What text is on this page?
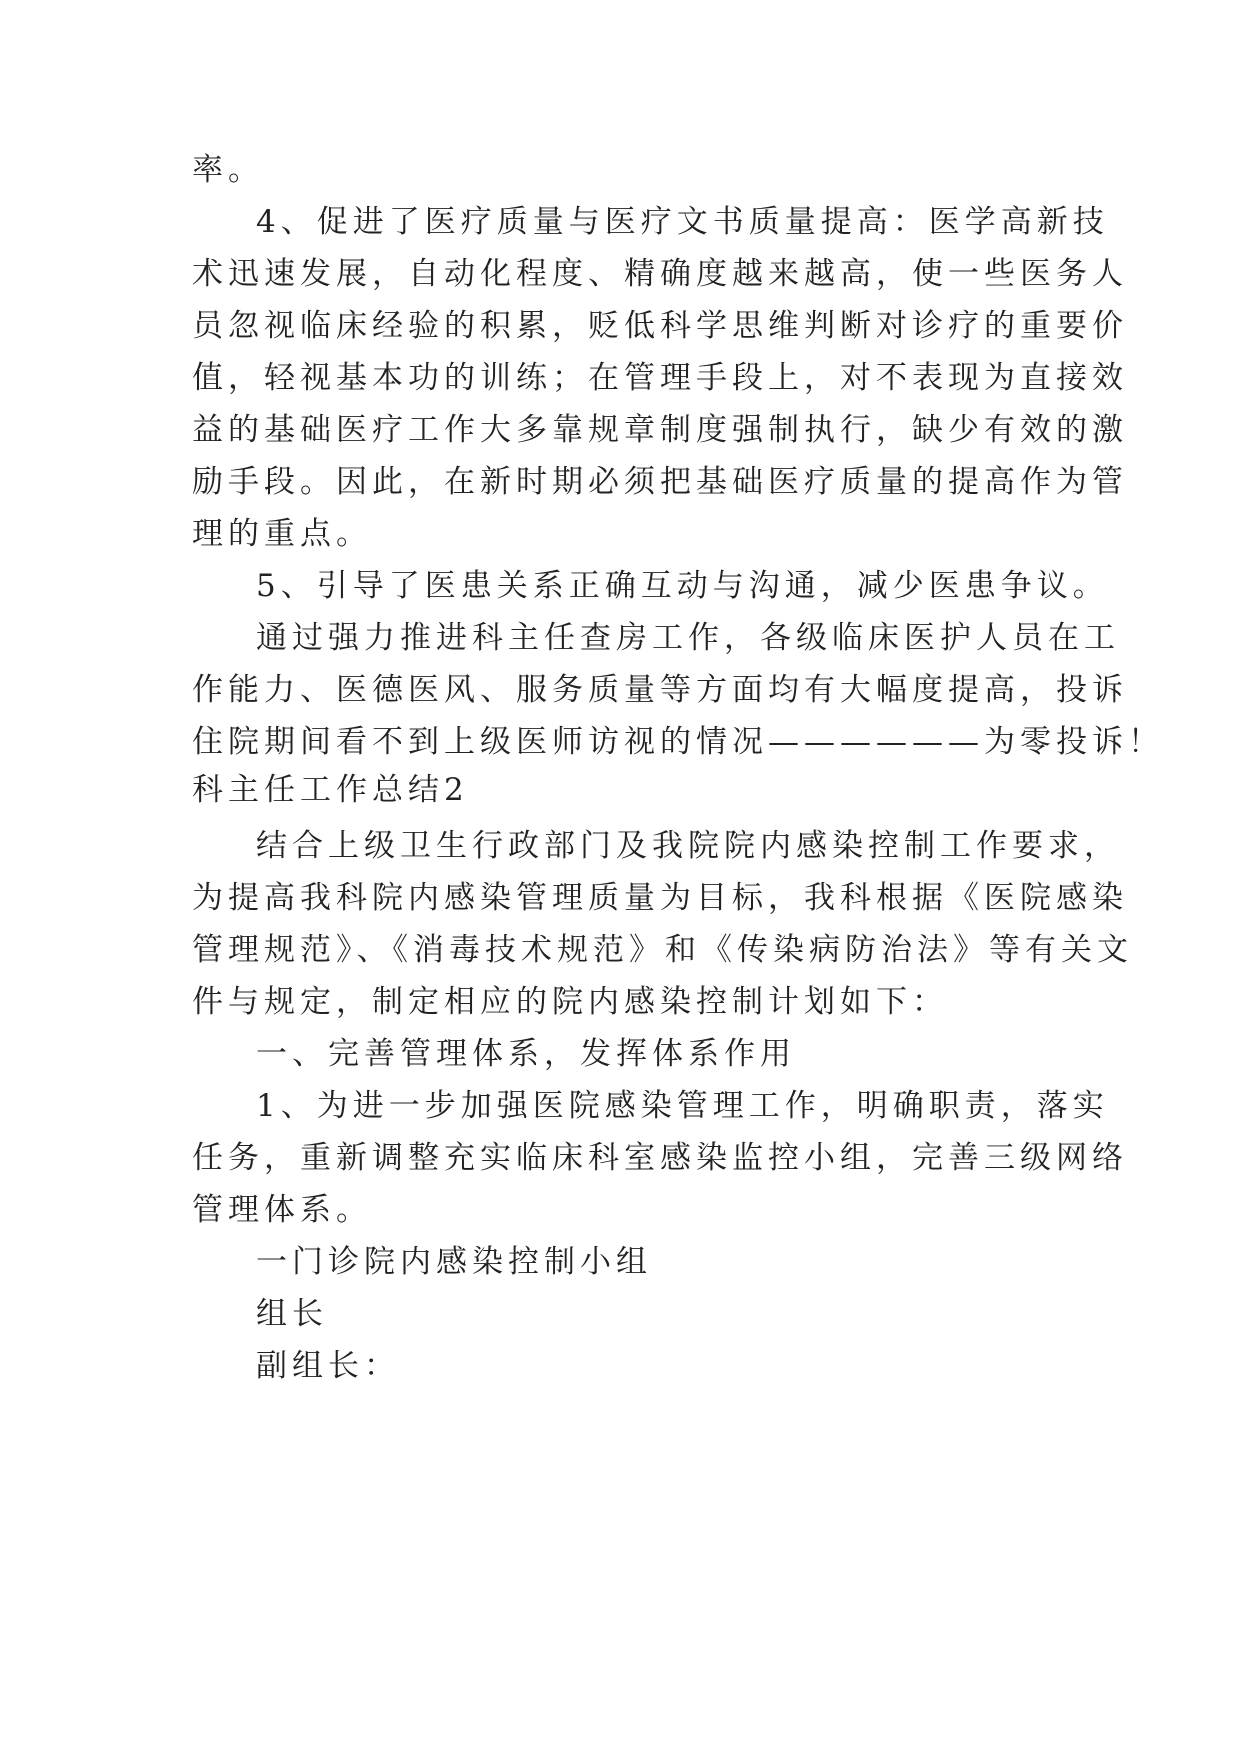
率。
4、促进了医疗质量与医疗文书质量提高：医学高新技
术迅速发展，自动化程度、精确度越来越高，使一些医务人
员忽视临床经验的积累，贬低科学思维判断对诊疗的重要价
值，轻视基本功的训练；在管理手段上，对不表现为直接效
益的基础医疗工作大多靠规章制度强制执行，缺少有效的激
励手段。因此，在新时期必须把基础医疗质量的提高作为管
理的重点。
5、引导了医患关系正确互动与沟通，减少医患争议。
通过强力推进科主任查房工作，各级临床医护人员在工
作能力、医德医风、服务质量等方面均有大幅度提高，投诉
住院期间看不到上级医师访视的情况——————为零投诉！
科主任工作总结2
结合上级卫生行政部门及我院院内感染控制工作要求，
为提高我科院内感染管理质量为目标，我科根据《医院感染
管理规范》、《消毒技术规范》和《传染病防治法》等有关文
件与规定，制定相应的院内感染控制计划如下：
一、完善管理体系，发挥体系作用
1、为进一步加强医院感染管理工作，明确职责，落实
任务，重新调整充实临床科室感染监控小组，完善三级网络
管理体系。
一门诊院内感染控制小组
组长
副组长：
